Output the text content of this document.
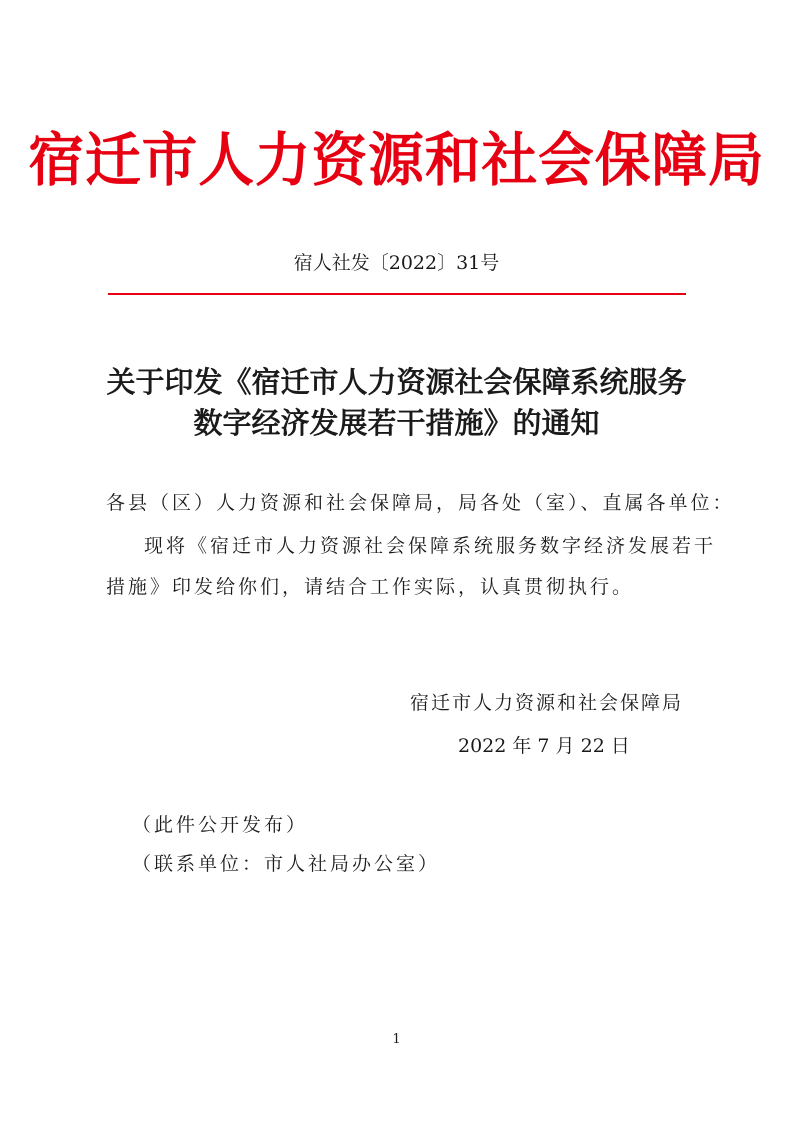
宿迁市人力资源和社会保障局
宿人社发〔2022〕31号
关于印发《宿迁市人力资源社会保障系统服务
数字经济发展若干措施》的通知
各县（区）人力资源和社会保障局，局各处（室）、直属各单位：
现将《宿迁市人力资源社会保障系统服务数字经济发展若干
措施》印发给你们，请结合工作实际，认真贯彻执行。
宿迁市人力资源和社会保障局
2022 年 7 月 22 日
（此件公开发布）
（联系单位：市人社局办公室）
1
